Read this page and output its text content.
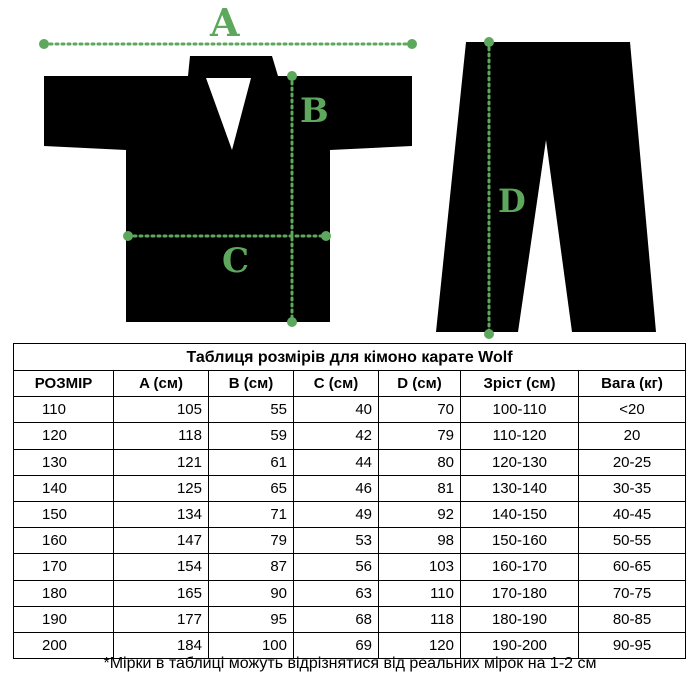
A
B
C
D
Таблиця розмірів для кімоно карате Wolf						
РОЗМІР	A (см)	B (см)	C (см)	D (см)	Зріст (см)	Вага (кг)
110	105	55	40	70	100-110	<20
120	118	59	42	79	110-120	20
130	121	61	44	80	120-130	20-25
140	125	65	46	81	130-140	30-35
150	134	71	49	92	140-150	40-45
160	147	79	53	98	150-160	50-55
170	154	87	56	103	160-170	60-65
180	165	90	63	110	170-180	70-75
190	177	95	68	118	180-190	80-85
200	184	100	69	120	190-200	90-95
*Мірки в таблиці можуть відрізнятися від реальних мірок на 1-2 см
